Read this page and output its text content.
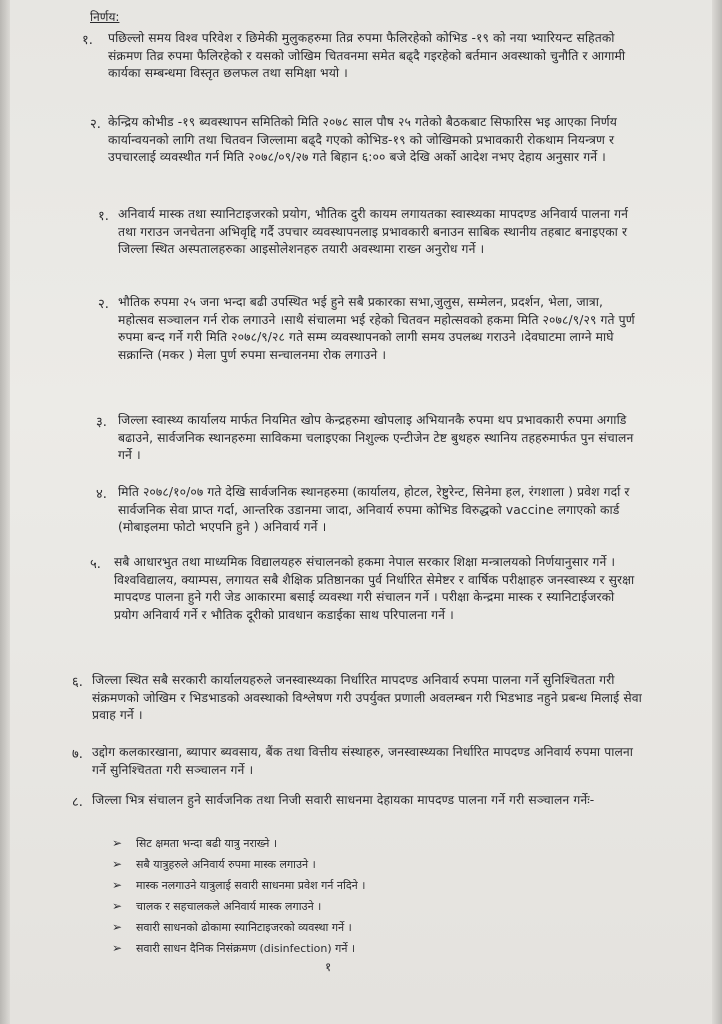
निर्णय:
१. पछिल्लो समय विश्व परिवेश र छिमेकी मुलुकहरुमा तिव्र रुपमा फैलिरहेको कोभिड -१९ को नया भ्यारियन्ट सहितको संक्रमण तिव्र रुपमा फैलिरहेको र यसको जोखिम चितवनमा समेत बढ्दै गइरहेको बर्तमान अवस्थाको चुनौति र आगामी कार्यका सम्बन्धमा विस्तृत छलफल तथा समिक्षा भयो ।
२. केन्द्रिय कोभीड -१९ ब्यवस्थापन समितिको मिति २०७८ साल पौष २५ गतेको बैठकबाट सिफारिस भइ आएका निर्णय कार्यान्वयनको लागि तथा चितवन जिल्लामा बढ्दै गएको कोभिड-१९ को जोखिमको प्रभावकारी रोकथाम नियन्त्रण र उपचारलाई व्यवस्थीत गर्न मिति २०७८/०९/२७ गते बिहान ६:०० बजे देखि अर्को आदेश नभए देहाय अनुसार गर्ने ।
१. अनिवार्य मास्क तथा स्यानिटाइजरको प्रयोग, भौतिक दुरी कायम लगायतका स्वास्थ्यका मापदण्ड अनिवार्य पालना गर्न तथा गराउन जनचेतना अभिवृद्दि गर्दै उपचार व्यवस्थापनलाइ प्रभावकारी बनाउन साबिक स्थानीय तहबाट बनाइएका र जिल्ला स्थित अस्पतालहरुका आइसोलेशनहरु तयारी अवस्थामा राख्न अनुरोध गर्ने ।
२. भौतिक रुपमा २५ जना भन्दा बढी उपस्थित भई हुने सबै प्रकारका सभा,जुलुस, सम्मेलन, प्रदर्शन, भेला, जात्रा, महोत्सव सञ्चालन गर्न रोक लगाउने ।साथै संचालमा भई रहेको चितवन महोत्सवको हकमा मिति २०७८/९/२९ गते पुर्ण रुपमा बन्द गर्ने गरी मिति २०७८/९/२८ गते सम्म व्यवस्थापनको लागी समय उपलब्ध गराउने ।देवघाटमा लाग्ने माघे सक्रान्ति (मकर ) मेला पुर्ण रुपमा सन्चालनमा रोक लगाउने ।
३. जिल्ला स्वास्थ्य कार्यालय मार्फत नियमित खोप केन्द्रहरुमा खोपलाइ अभियानकै रुपमा थप प्रभावकारी रुपमा अगाडि बढाउने, सार्वजनिक स्थानहरुमा साविकमा चलाइएका निशुल्क एन्टीजेन टेष्ट बुथहरु स्थानिय तहहरुमार्फत पुन संचालन गर्ने ।
४. मिति २०७८/१०/०७ गते देखि सार्वजनिक स्थानहरुमा (कार्यालय, होटल, रेष्टुरेन्ट, सिनेमा हल, रंगशाला ) प्रवेश गर्दा र सार्वजनिक सेवा प्राप्त गर्दा, आन्तरिक उडानमा जादा, अनिवार्य रुपमा कोभिड विरुद्धको vaccine लगाएको कार्ड (मोबाइलमा फोटो भएपनि हुने ) अनिवार्य गर्ने ।
५. सबै आधारभुत तथा माध्यमिक विद्यालयहरु संचालनको हकमा नेपाल सरकार शिक्षा मन्त्रालयको निर्णयानुसार गर्ने ।विश्वविद्यालय, क्याम्पस, लगायत सबै शैक्षिक प्रतिष्ठानका पुर्व निर्धारित सेमेष्टर र वार्षिक परीक्षाहरु जनस्वास्थ्य र सुरक्षा मापदण्ड पालना हुने गरी जेड आकारमा बसाई व्यवस्था गरी संचालन गर्ने । परीक्षा केन्द्रमा मास्क र स्यानिटाईजरको प्रयोग अनिवार्य गर्ने र भौतिक दूरीको प्रावधान कडाईका साथ परिपालना गर्ने ।
६. जिल्ला स्थित सबै सरकारी कार्यालयहरुले जनस्वास्थ्यका निर्धारित मापदण्ड अनिवार्य रुपमा पालना गर्ने सुनिश्चितता गरी संक्रमणको जोखिम र भिडभाडको अवस्थाको विश्लेषण गरी उपर्युक्त प्रणाली अवलम्बन गरी भिडभाड नहुने प्रबन्ध मिलाई सेवा प्रवाह गर्ने ।
७. उद्दोग कलकारखाना, ब्यापार ब्यवसाय, बैंक तथा वित्तीय संस्थाहरु, जनस्वास्थ्यका निर्धारित मापदण्ड अनिवार्य रुपमा पालना गर्ने सुनिश्चितता गरी सञ्चालन गर्ने ।
८. जिल्ला भित्र संचालन हुने सार्वजनिक तथा निजी सवारी साधनमा देहायका मापदण्ड पालना गर्ने गरी सञ्चालन गर्नेः-
➢ सिट क्षमता भन्दा बढी यात्रु नराख्ने ।
➢ सबै यात्रुहरुले अनिवार्य रुपमा मास्क लगाउने ।
➢ मास्क नलगाउने यात्रुलाई सवारी साधनमा प्रवेश गर्न नदिने ।
➢ चालक र सहचालकले अनिवार्य मास्क लगाउने ।
➢ सवारी साधनको ढोकामा स्यानिटाइजरको व्यवस्था गर्ने ।
➢ सवारी साधन दैनिक निसंक्रमण (disinfection) गर्ने ।
१
